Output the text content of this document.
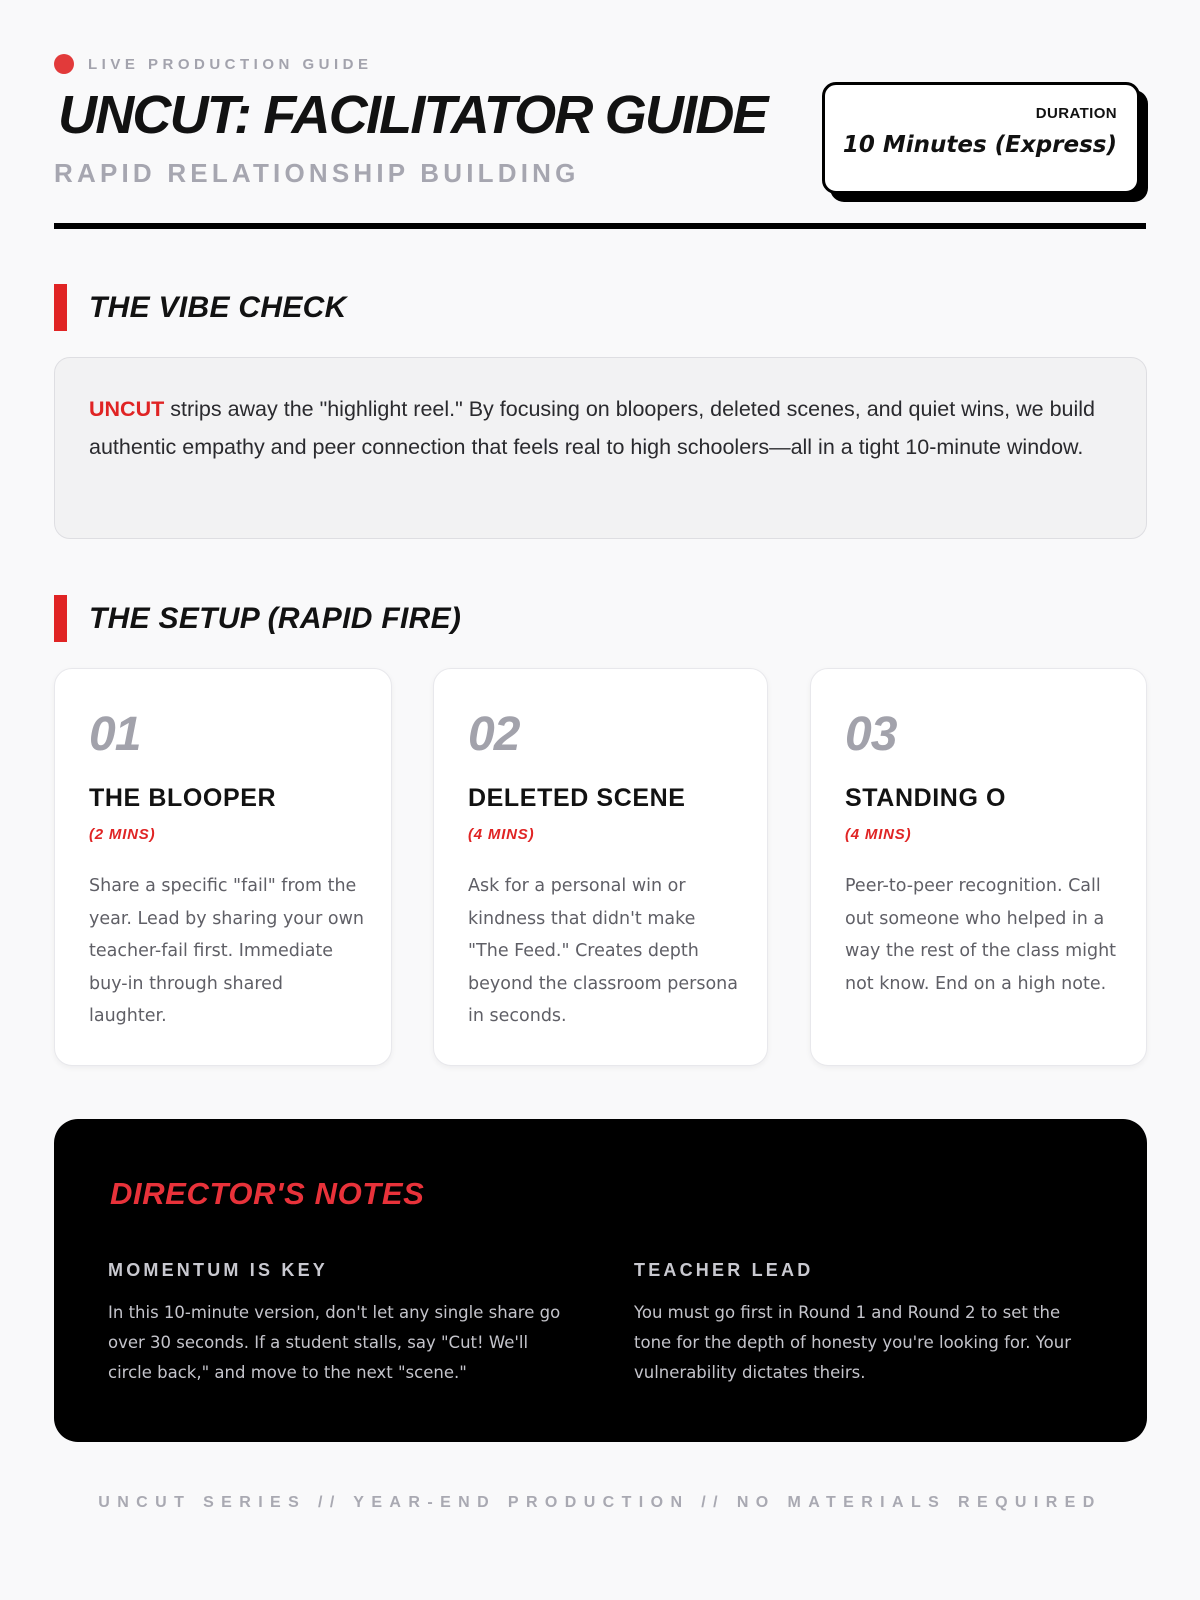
LIVE PRODUCTION GUIDE
UNCUT: FACILITATOR GUIDE
RAPID RELATIONSHIP BUILDING
DURATION
10 Minutes (Express)
THE VIBE CHECK

UNCUT strips away the "highlight reel." By focusing on bloopers, deleted scenes, and quiet wins, we build authentic empathy and peer connection that feels real to high schoolers—all in a tight 10-minute window.

THE SETUP (RAPID FIRE)
01
THE BLOOPER
(2 MINS)

Share a specific "fail" from the year. Lead by sharing your own teacher-fail first. Immediate buy-in through shared laughter.

02
DELETED SCENE
(4 MINS)

Ask for a personal win or kindness that didn't make "The Feed." Creates depth beyond the classroom persona in seconds.

03
STANDING O
(4 MINS)

Peer-to-peer recognition. Call out someone who helped in a way the rest of the class might not know. End on a high note.

DIRECTOR'S NOTES
MOMENTUM IS KEY

In this 10-minute version, don't let any single share go over 30 seconds. If a student stalls, say "Cut! We'll circle back," and move to the next "scene."

TEACHER LEAD

You must go first in Round 1 and Round 2 to set the tone for the depth of honesty you're looking for. Your vulnerability dictates theirs.

UNCUT SERIES // YEAR-END PRODUCTION // NO MATERIALS REQUIRED
